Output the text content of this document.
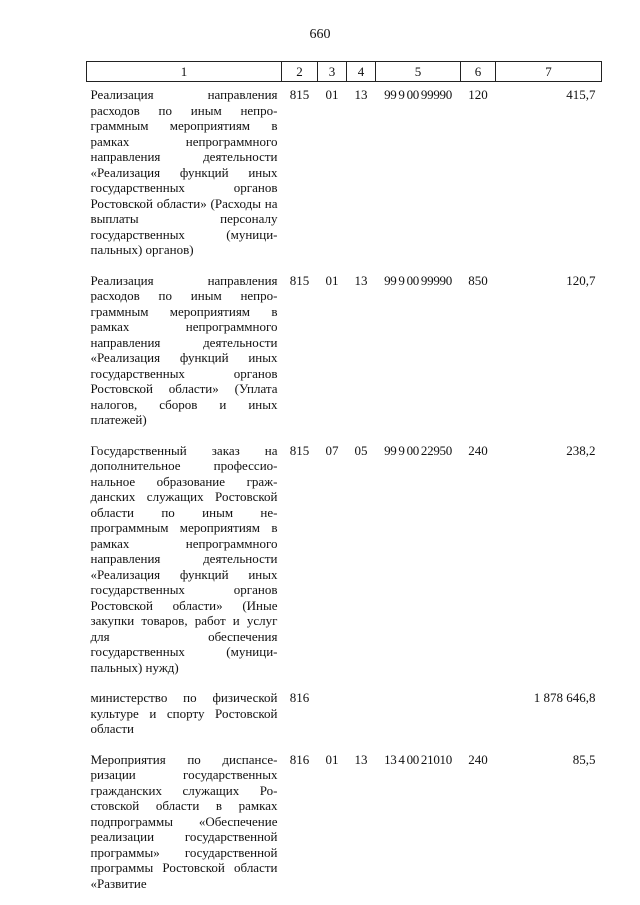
660
1	2	3	4	5	6	7
Реализация направления расходов по иным непрограммным мероприятиям в рамках непрограммного направления деятельности «Реализация функций иных государственных органов Ростовской области» (Расходы на выплаты персоналу государственных (муниципальных) органов)	815	01	13	99 9 00 99990	120	415,7
Реализация направления расходов по иным непрограммным мероприятиям в рамках непрограммного направления деятельности «Реализация функций иных государственных органов Ростовской области» (Уплата налогов, сборов и иных платежей)	815	01	13	99 9 00 99990	850	120,7
Государственный заказ на дополнительное профессиональное образование гражданских служащих Ростовской области по иным непрограммным мероприятиям в рамках непрограммного направления деятельности «Реализация функций иных государственных органов Ростовской области» (Иные закупки товаров, работ и услуг для обеспечения государственных (муниципальных) нужд)	815	07	05	99 9 00 22950	240	238,2
министерство по физической культуре и спорту Ростовской области	816					1 878 646,8
Мероприятия по диспансеризации государственных гражданских служащих Ростовской области в рамках подпрограммы «Обеспечение реализации государственной программы» государственной программы Ростовской области «Развитие	816	01	13	13 4 00 21010	240	85,5
